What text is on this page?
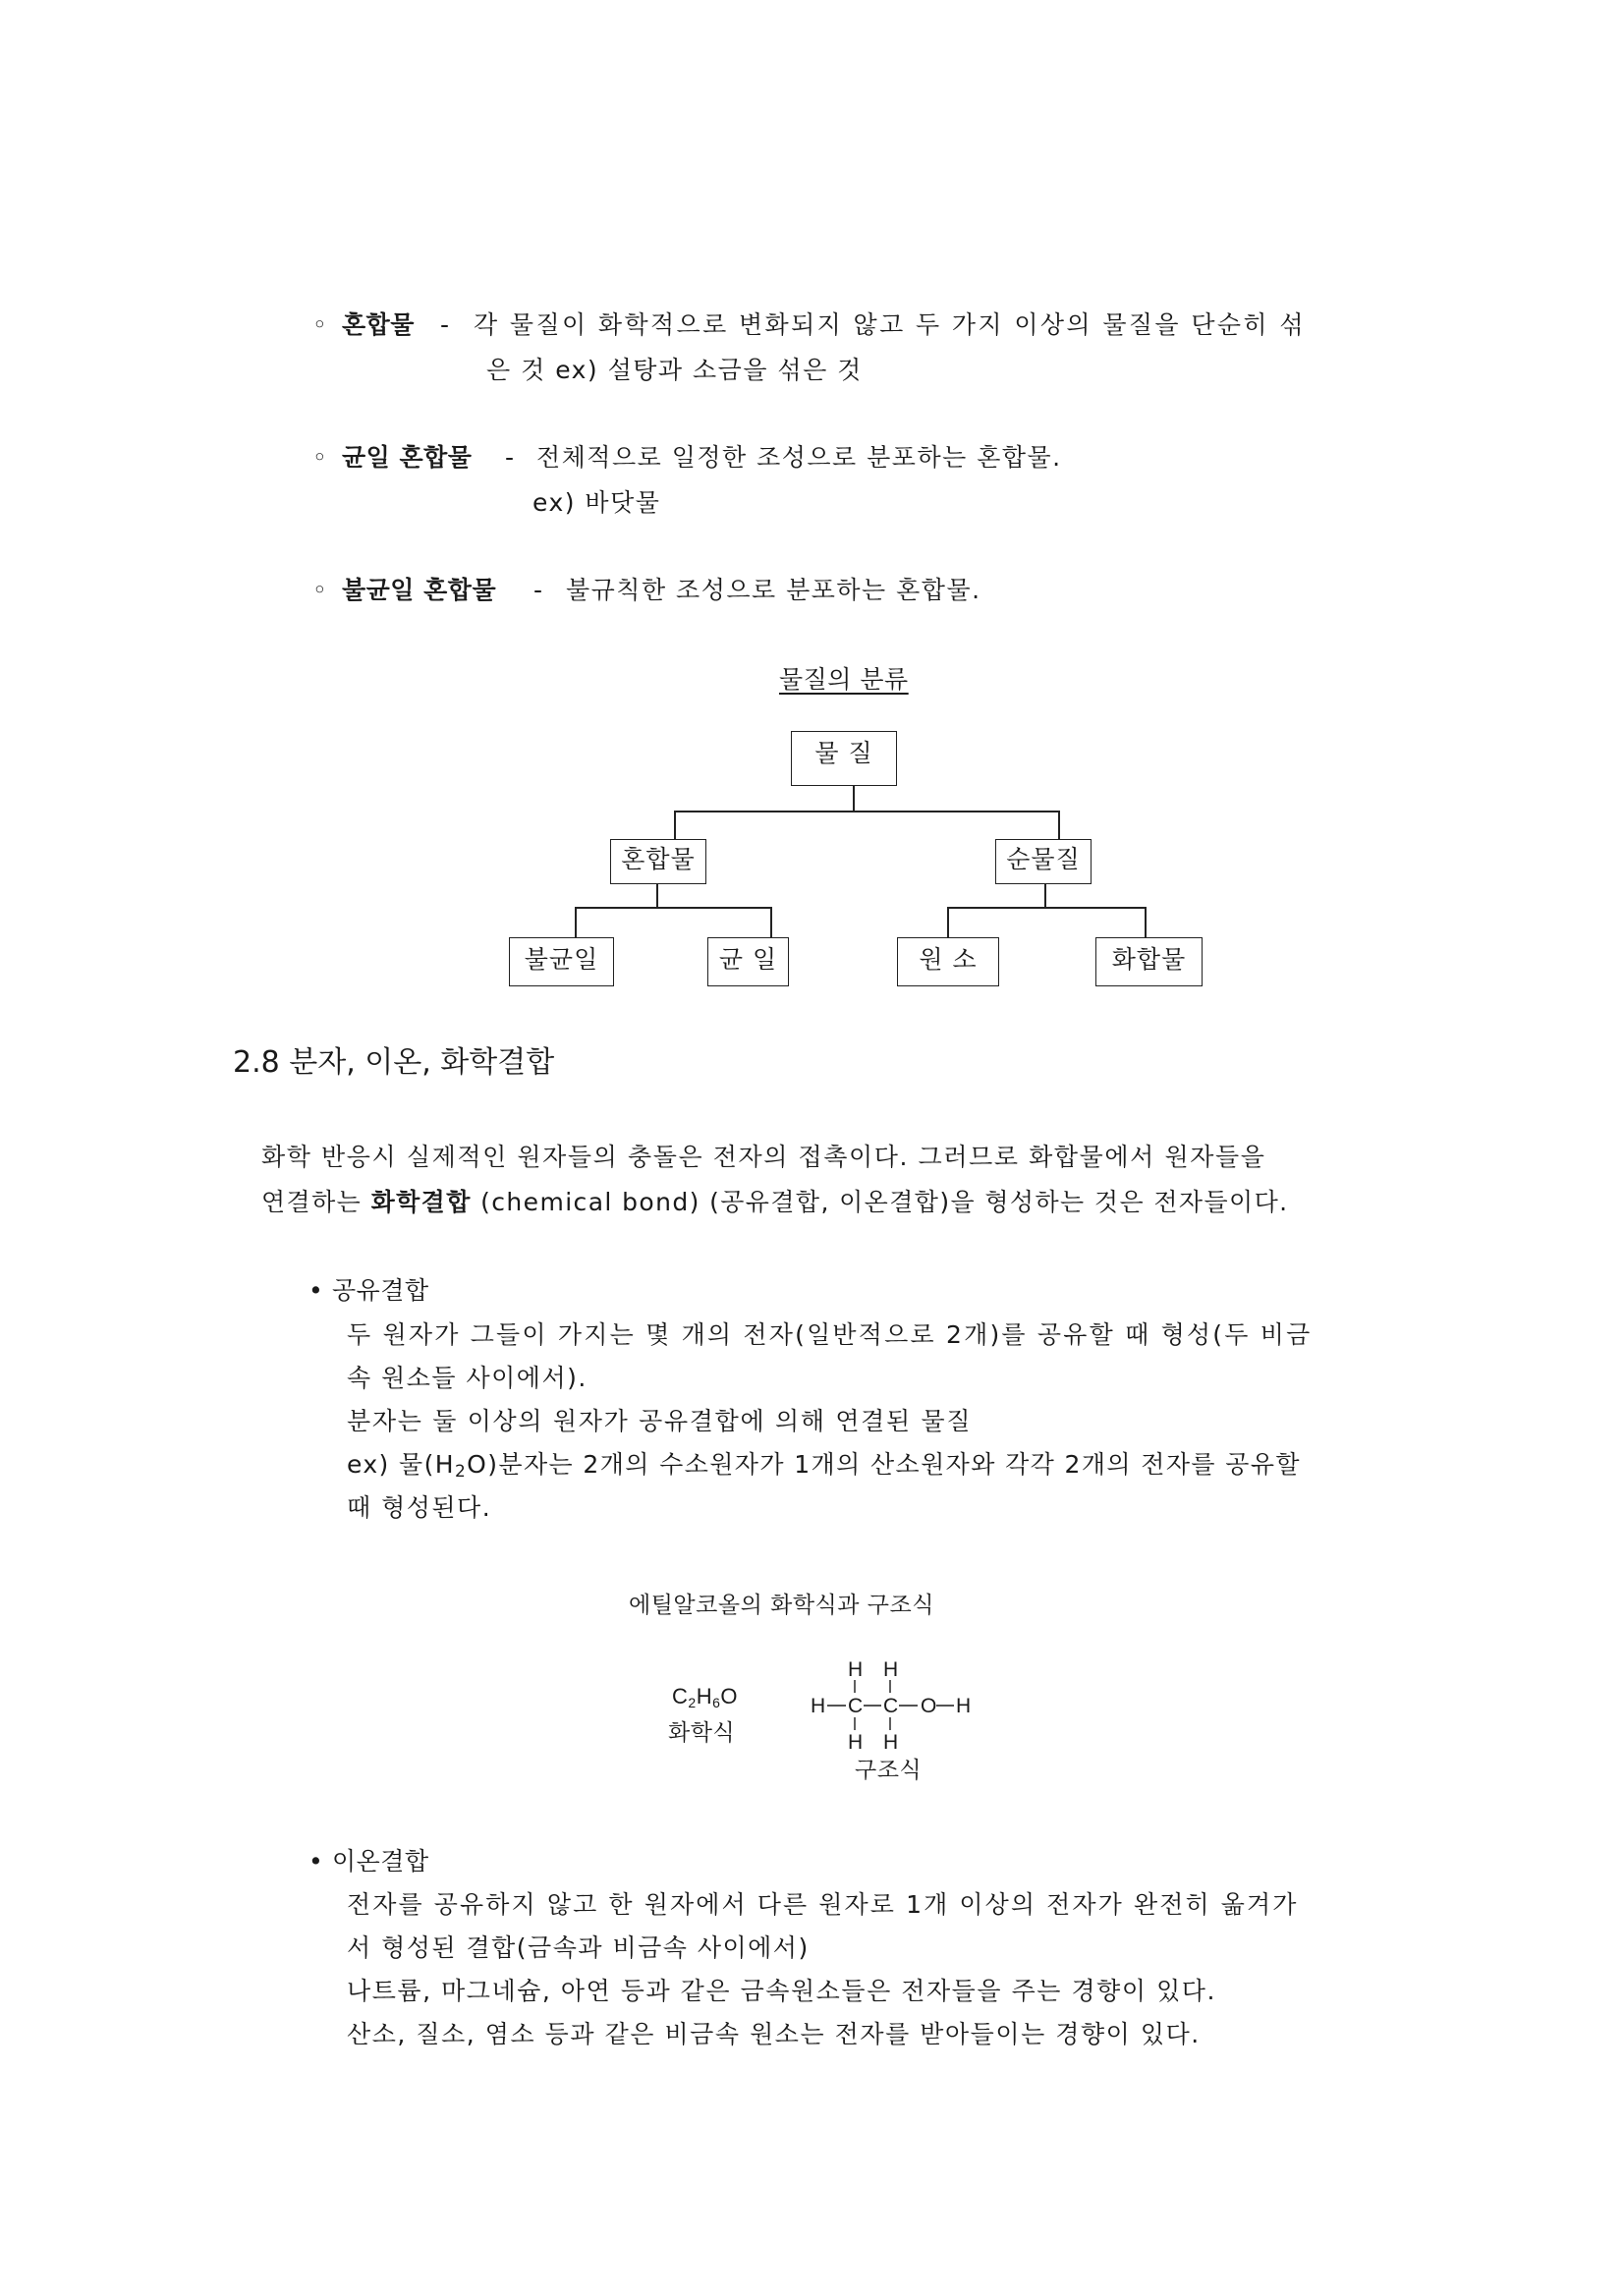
◦ 혼합물 - 각 물질이 화학적으로 변화되지 않고 두 가지 이상의 물질을 단순히 섞
은 것 ex) 설탕과 소금을 섞은 것
◦ 균일 혼합물 - 전체적으로 일정한 조성으로 분포하는 혼합물.
ex) 바닷물
◦ 불균일 혼합물 - 불규칙한 조성으로 분포하는 혼합물.
물질의 분류
물 질
혼합물	순물질
불균일	균 일	원 소	화합물
2.8 분자, 이온, 화학결합
화학 반응시 실제적인 원자들의 충돌은 전자의 접촉이다. 그러므로 화합물에서 원자들을
연결하는 화학결합 (chemical bond) (공유결합, 이온결합)을 형성하는 것은 전자들이다.
• 공유결합
두 원자가 그들이 가지는 몇 개의 전자(일반적으로 2개)를 공유할 때 형성(두 비금
속 원소들 사이에서).
분자는 둘 이상의 원자가 공유결합에 의해 연결된 물질
ex) 물(H2O)분자는 2개의 수소원자가 1개의 산소원자와 각각 2개의 전자를 공유할
때 형성된다.
에틸알코올의 화학식과 구조식
C2H6O
화학식
H H
H C C O H
H H
구조식
• 이온결합
전자를 공유하지 않고 한 원자에서 다른 원자로 1개 이상의 전자가 완전히 옮겨가
서 형성된 결합(금속과 비금속 사이에서)
나트륨, 마그네슘, 아연 등과 같은 금속원소들은 전자들을 주는 경향이 있다.
산소, 질소, 염소 등과 같은 비금속 원소는 전자를 받아들이는 경향이 있다.
